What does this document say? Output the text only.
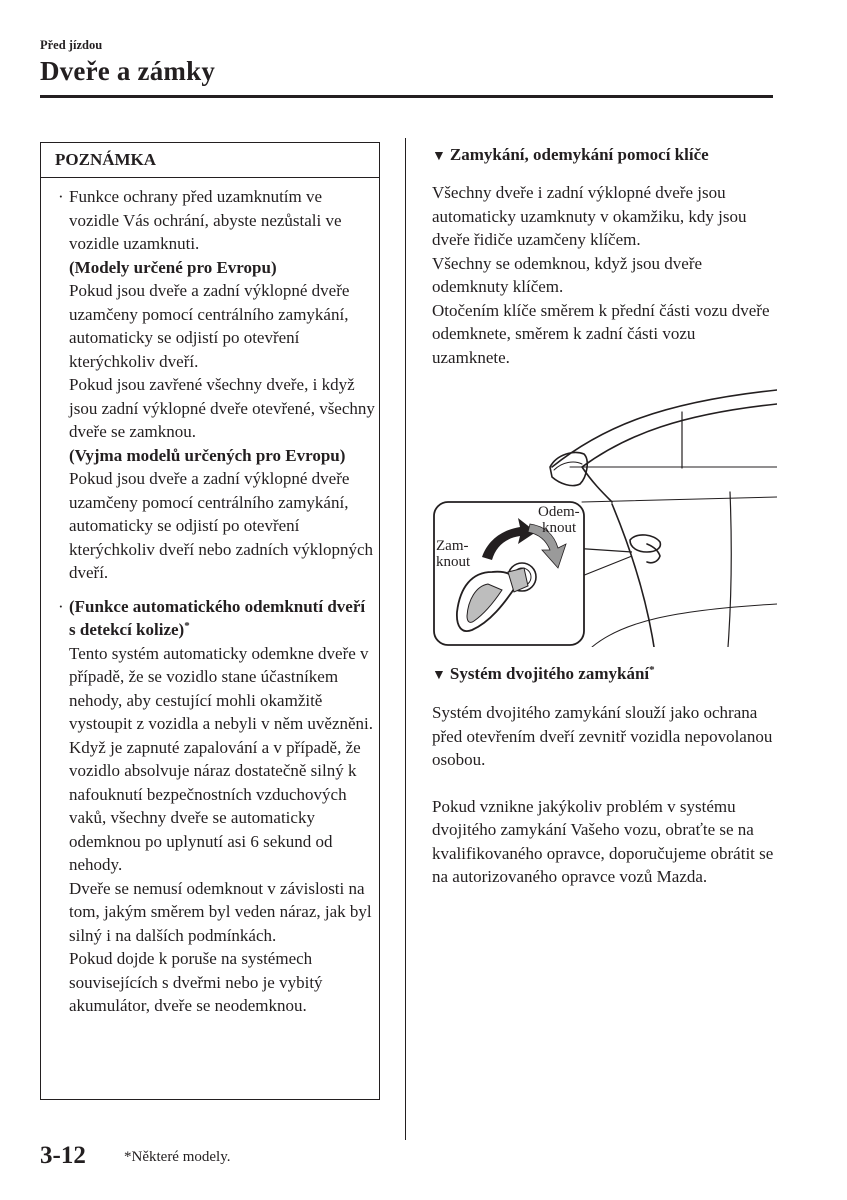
Před jízdou
Dveře a zámky
POZNÁMKA
· Funkce ochrany před uzamknutím ve vozidle Vás ochrání, abyste nezůstali ve vozidle uzamknuti.
(Modely určené pro Evropu)
Pokud jsou dveře a zadní výklopné dveře uzamčeny pomocí centrálního zamykání, automaticky se odjistí po otevření kterýchkoliv dveří.
Pokud jsou zavřené všechny dveře, i když jsou zadní výklopné dveře otevřené, všechny dveře se zamknou.
(Vyjma modelů určených pro Evropu)
Pokud jsou dveře a zadní výklopné dveře uzamčeny pomocí centrálního zamykání, automaticky se odjistí po otevření kterýchkoliv dveří nebo zadních výklopných dveří.
· (Funkce automatického odemknutí dveří s detekcí kolize)*
Tento systém automaticky odemkne dveře v případě, že se vozidlo stane účastníkem nehody, aby cestující mohli okamžitě vystoupit z vozidla a nebyli v něm uvězněni. Když je zapnuté zapalování a v případě, že vozidlo absolvuje náraz dostatečně silný k nafouknutí bezpečnostních vzduchových vaků, všechny dveře se automaticky odemknou po uplynutí asi 6 sekund od nehody.
Dveře se nemusí odemknout v závislosti na tom, jakým směrem byl veden náraz, jak byl silný i na dalších podmínkách.
Pokud dojde k poruše na systémech souvisejících s dveřmi nebo je vybitý akumulátor, dveře se neodemknou.
▼ Zamykání, odemykání pomocí klíče
Všechny dveře i zadní výklopné dveře jsou automaticky uzamknuty v okamžiku, kdy jsou dveře řidiče uzamčeny klíčem.
Všechny se odemknou, když jsou dveře odemknuty klíčem.
Otočením klíče směrem k přední části vozu dveře odemknete, směrem k zadní části vozu uzamknete.
Zam-
knout
Odem-
knout
▼ Systém dvojitého zamykání*
Systém dvojitého zamykání slouží jako ochrana před otevřením dveří zevnitř vozidla nepovolanou osobou.
Pokud vznikne jakýkoliv problém v systému dvojitého zamykání Vašeho vozu, obraťte se na kvalifikovaného opravce, doporučujeme obrátit se na autorizovaného opravce vozů Mazda.
3-12	*Některé modely.
